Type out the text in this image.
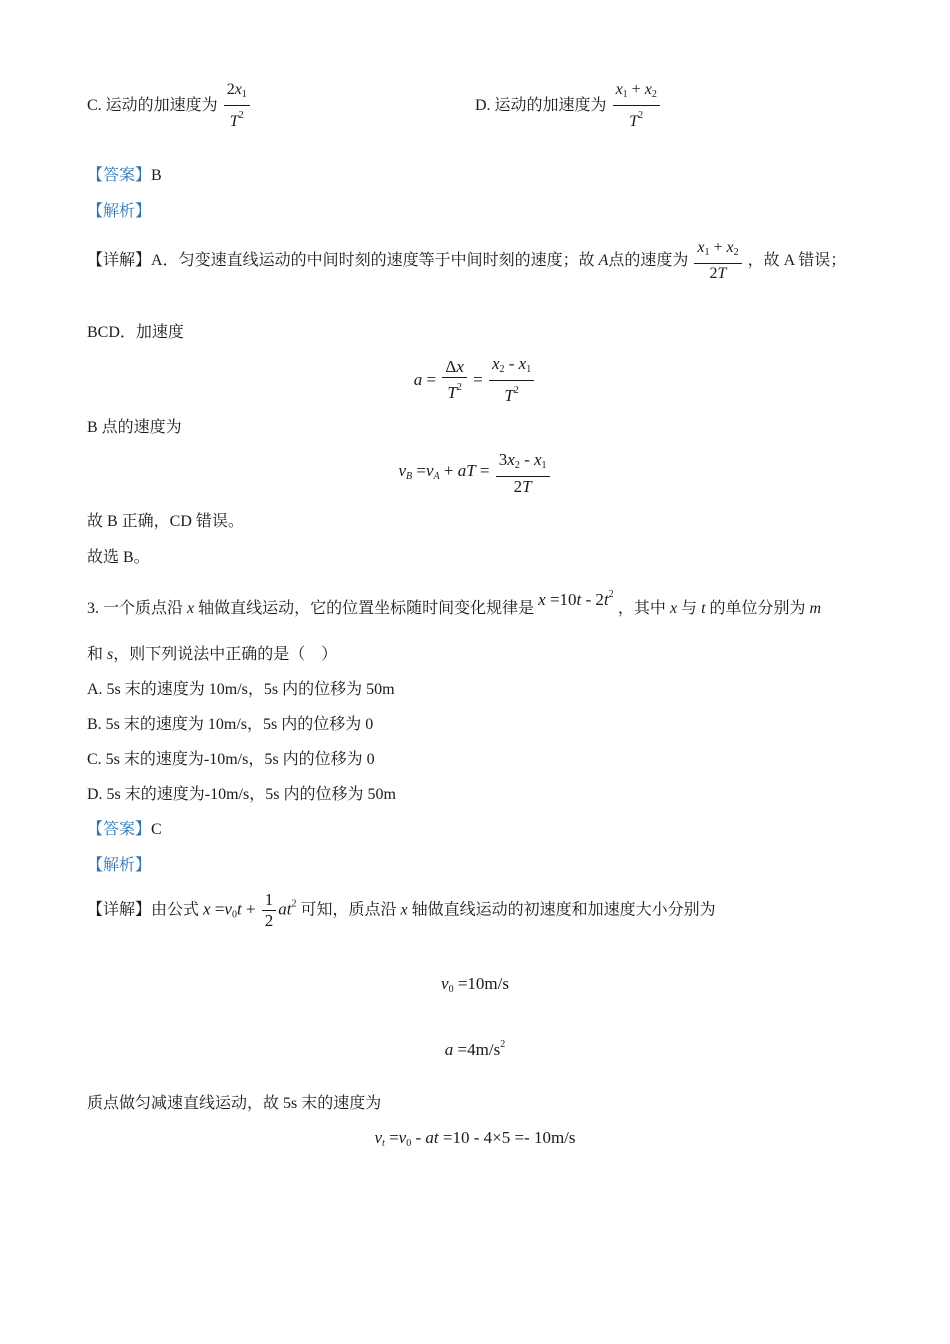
C. 运动的加速度为 $\frac{2x_1}{T^2}$	D. 运动的加速度为 $\frac{x_1 + x_2}{T^2}$
【答案】B
【解析】
【详解】A．匀变速直线运动的中间时刻的速度等于中间时刻的速度；故 A点的速度为 $\frac{x_1 + x_2}{2T}$ ，故 A 错误；
BCD．加速度
$a = \frac{\Delta x}{T^2} = \frac{x_2 - x_1}{T^2}$
B 点的速度为
$v_B =v_A$ + aT = $\frac{3x_2 - x_1}{2T}$
故 B 正确，CD 错误。
故选 B。
3. 一个质点沿 x 轴做直线运动，它的位置坐标随时间变化规律是 $x =10t - 2t^2$ ，其中 x 与 t 的单位分别为 m
和 s，则下列说法中正确的是（　）
A. 5s 末的速度为 10m/s，5s 内的位移为 50m
B. 5s 末的速度为 10m/s，5s 内的位移为 0
C. 5s 末的速度为-10m/s，5s 内的位移为 0
D. 5s 末的速度为-10m/s，5s 内的位移为 50m
【答案】C
【解析】
【详解】由公式 $x =v_0t + \frac{1}{2} at^2$ 可知，质点沿 x 轴做直线运动的初速度和加速度大小分别为
$v_0 =10m/s$
$a =4m/s^2$
质点做匀减速直线运动，故 5s 末的速度为
$v_t =v_0$ - at =10 - 4×5 =- 10m/s
